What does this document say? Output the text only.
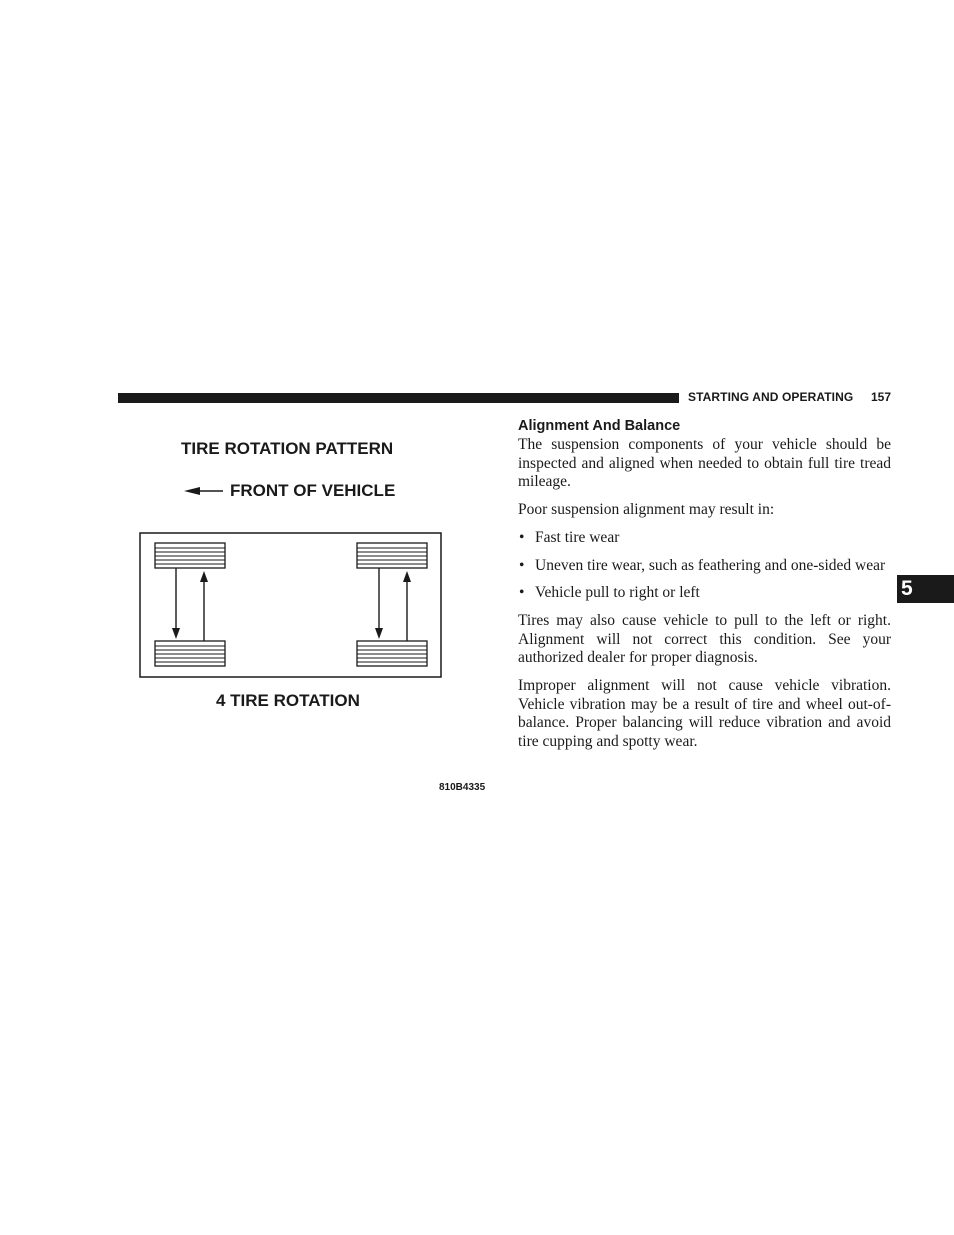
STARTING AND OPERATING 157
5
TIRE ROTATION PATTERN
FRONT OF VEHICLE
4 TIRE ROTATION
810B4335
Alignment And Balance

The suspension components of your vehicle should be inspected and aligned when needed to obtain full tire tread mileage.

Poor suspension alignment may result in:

• Fast tire wear
• Uneven tire wear, such as feathering and one-sided wear
• Vehicle pull to right or left

Tires may also cause vehicle to pull to the left or right. Alignment will not correct this condition. See your authorized dealer for proper diagnosis.

Improper alignment will not cause vehicle vibration. Vehicle vibration may be a result of tire and wheel out-of-balance. Proper balancing will reduce vibration and avoid tire cupping and spotty wear.
